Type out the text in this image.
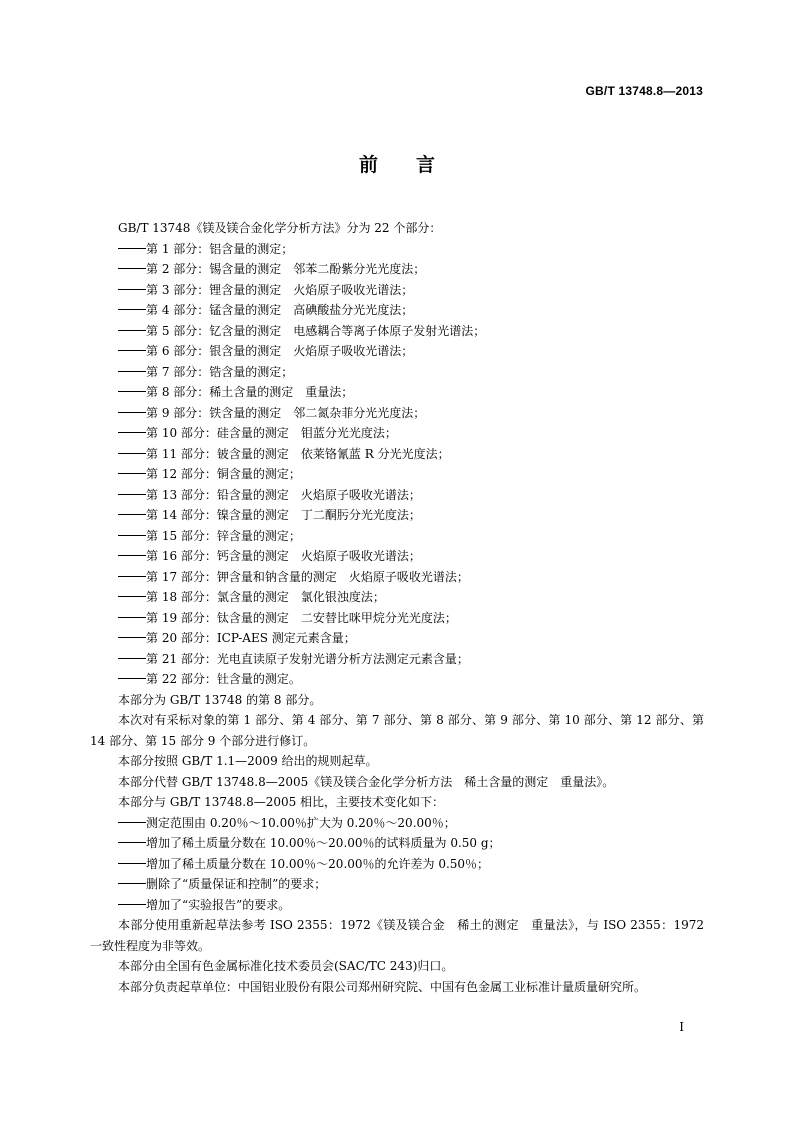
GB/T 13748.8—2013
前言
GB/T 13748《镁及镁合金化学分析方法》分为 22 个部分：
第 1 部分：铝含量的测定；
第 2 部分：锡含量的测定　邻苯二酚紫分光光度法；
第 3 部分：锂含量的测定　火焰原子吸收光谱法；
第 4 部分：锰含量的测定　高碘酸盐分光光度法；
第 5 部分：钇含量的测定　电感耦合等离子体原子发射光谱法；
第 6 部分：银含量的测定　火焰原子吸收光谱法；
第 7 部分：锆含量的测定；
第 8 部分：稀土含量的测定　重量法；
第 9 部分：铁含量的测定　邻二氮杂菲分光光度法；
第 10 部分：硅含量的测定　钼蓝分光光度法；
第 11 部分：铍含量的测定　依莱铬氰蓝 R 分光光度法；
第 12 部分：铜含量的测定；
第 13 部分：铅含量的测定　火焰原子吸收光谱法；
第 14 部分：镍含量的测定　丁二酮肟分光光度法；
第 15 部分：锌含量的测定；
第 16 部分：钙含量的测定　火焰原子吸收光谱法；
第 17 部分：钾含量和钠含量的测定　火焰原子吸收光谱法；
第 18 部分：氯含量的测定　氯化银浊度法；
第 19 部分：钛含量的测定　二安替比咪甲烷分光光度法；
第 20 部分：ICP-AES 测定元素含量；
第 21 部分：光电直读原子发射光谱分析方法测定元素含量；
第 22 部分：钍含量的测定。
本部分为 GB/T 13748 的第 8 部分。
本次对有采标对象的第 1 部分、第 4 部分、第 7 部分、第 8 部分、第 9 部分、第 10 部分、第 12 部分、第 14 部分、第 15 部分 9 个部分进行修订。
本部分按照 GB/T 1.1—2009 给出的规则起草。
本部分代替 GB/T 13748.8—2005《镁及镁合金化学分析方法　稀土含量的测定　重量法》。
本部分与 GB/T 13748.8—2005 相比，主要技术变化如下：
测定范围由 0.20％～10.00％扩大为 0.20％～20.00％；
增加了稀土质量分数在 10.00％～20.00％的试料质量为 0.50 g；
增加了稀土质量分数在 10.00％～20.00％的允许差为 0.50％；
删除了“质量保证和控制”的要求；
增加了“实验报告”的要求。
本部分使用重新起草法参考 ISO 2355：1972《镁及镁合金　稀土的测定　重量法》，与 ISO 2355：1972 一致性程度为非等效。
本部分由全国有色金属标准化技术委员会(SAC/TC 243)归口。
本部分负责起草单位：中国铝业股份有限公司郑州研究院、中国有色金属工业标准计量质量研究所。
I
